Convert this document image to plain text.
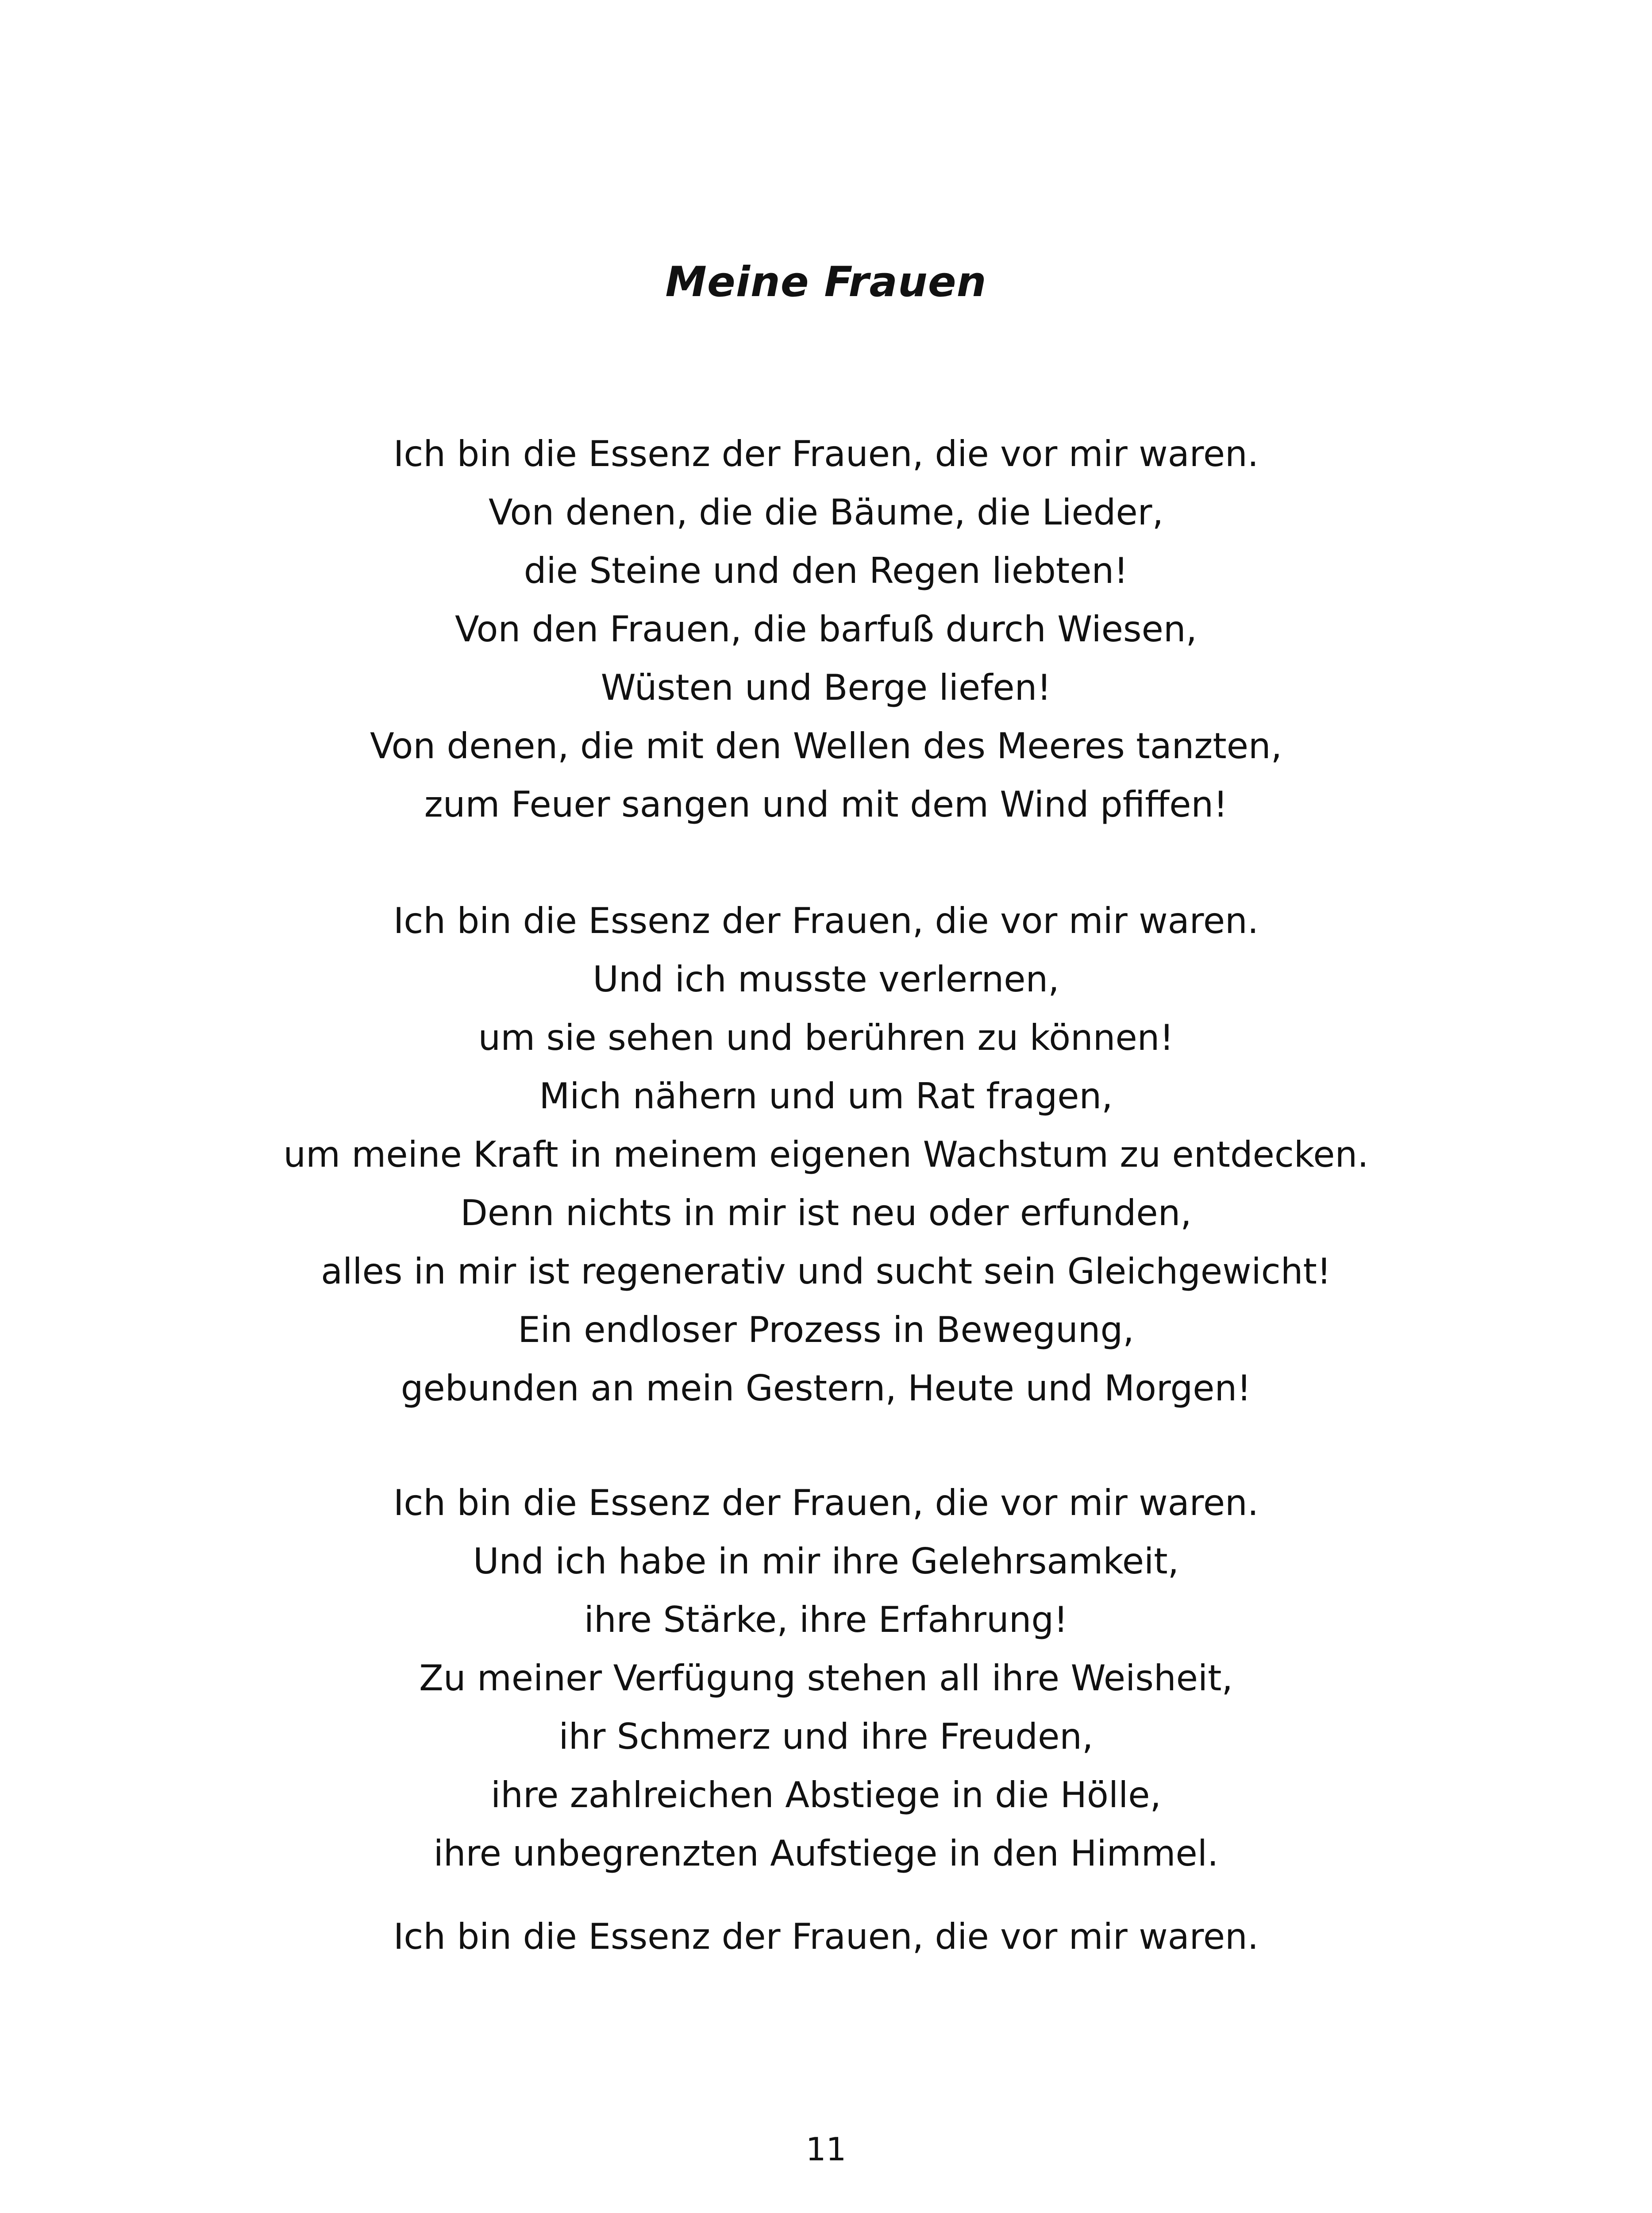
Meine Frauen
Ich bin die Essenz der Frauen, die vor mir waren.
Von denen, die die Bäume, die Lieder,
die Steine und den Regen liebten!
Von den Frauen, die barfuß durch Wiesen,
Wüsten und Berge liefen!
Von denen, die mit den Wellen des Meeres tanzten,
zum Feuer sangen und mit dem Wind pfiffen!
Ich bin die Essenz der Frauen, die vor mir waren.
Und ich musste verlernen,
um sie sehen und berühren zu können!
Mich nähern und um Rat fragen,
um meine Kraft in meinem eigenen Wachstum zu entdecken.
Denn nichts in mir ist neu oder erfunden,
alles in mir ist regenerativ und sucht sein Gleichgewicht!
Ein endloser Prozess in Bewegung,
gebunden an mein Gestern, Heute und Morgen!
Ich bin die Essenz der Frauen, die vor mir waren.
Und ich habe in mir ihre Gelehrsamkeit,
ihre Stärke, ihre Erfahrung!
Zu meiner Verfügung stehen all ihre Weisheit,
ihr Schmerz und ihre Freuden,
ihre zahlreichen Abstiege in die Hölle,
ihre unbegrenzten Aufstiege in den Himmel.
Ich bin die Essenz der Frauen, die vor mir waren.
11
